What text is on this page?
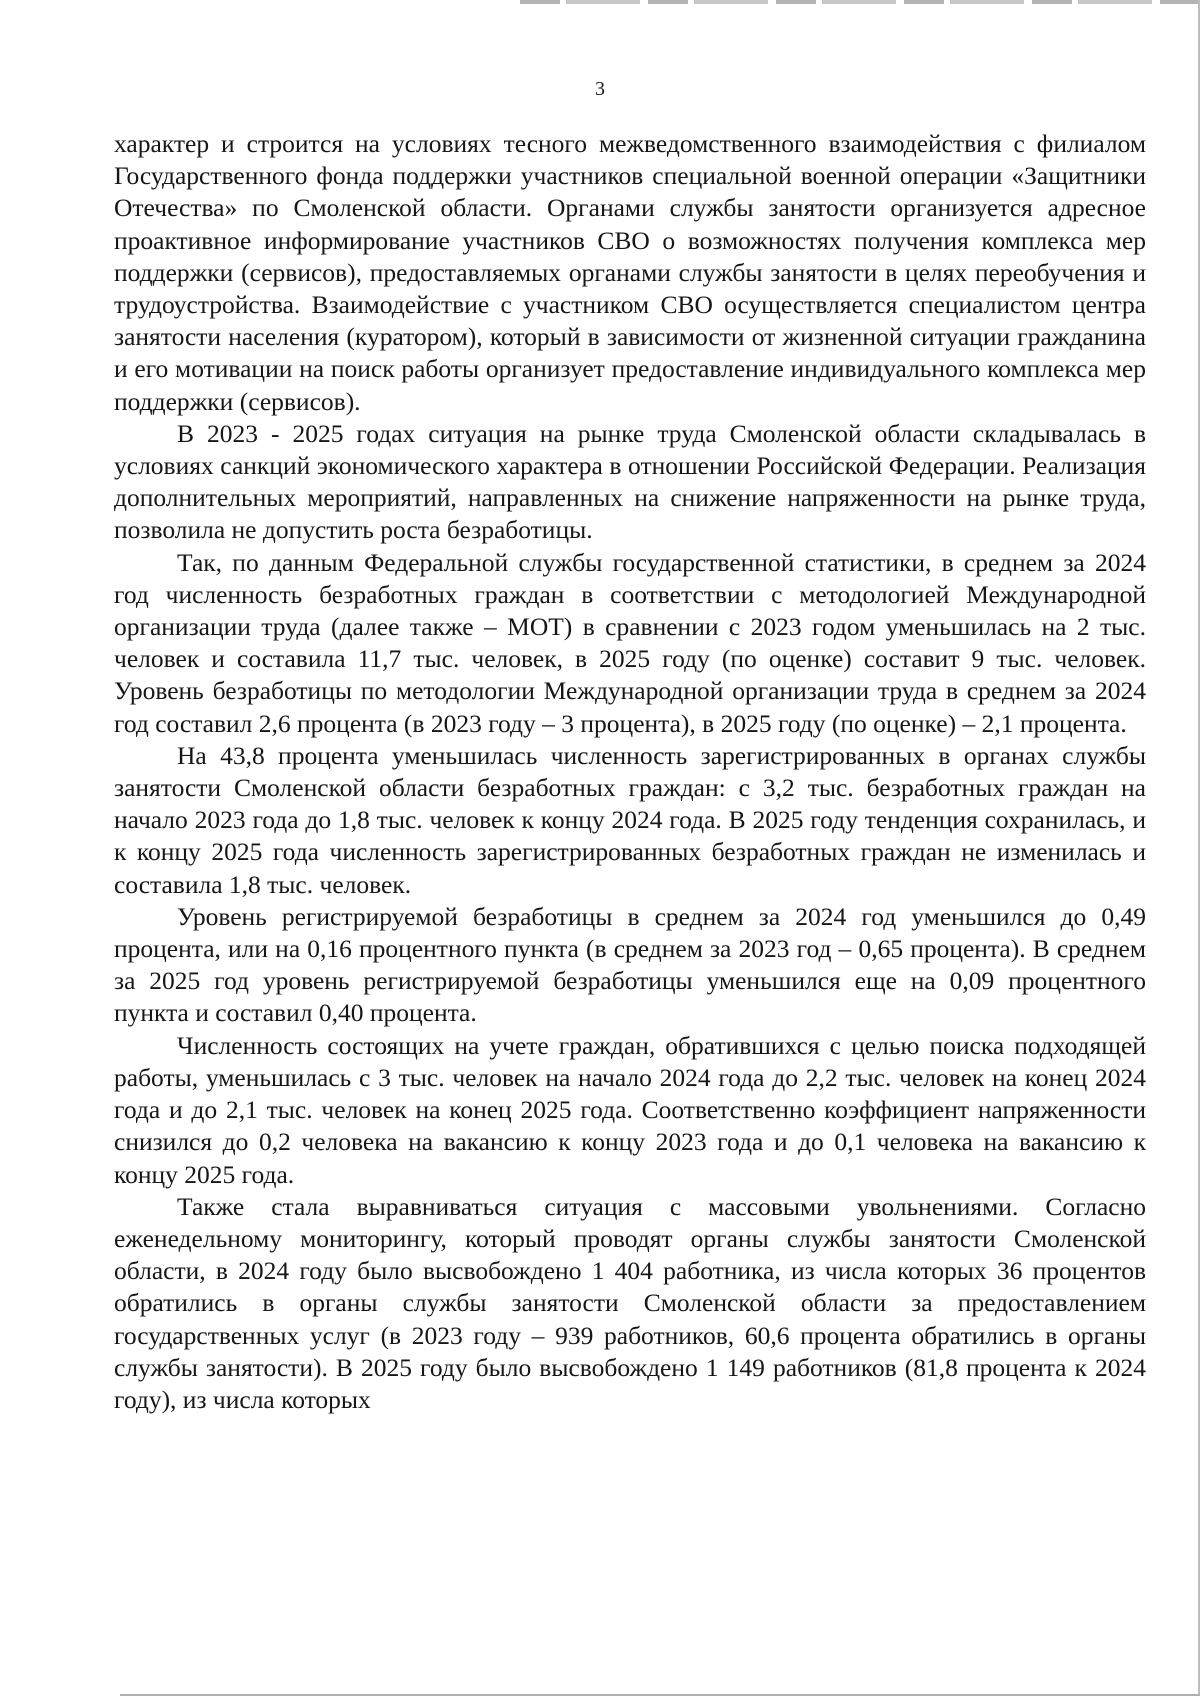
3

характер и строится на условиях тесного межведомственного взаимодействия с филиалом Государственного фонда поддержки участников специальной военной операции «Защитники Отечества» по Смоленской области. Органами службы занятости организуется адресное проактивное информирование участников СВО о возможностях получения комплекса мер поддержки (сервисов), предоставляемых органами службы занятости в целях переобучения и трудоустройства. Взаимодействие с участником СВО осуществляется специалистом центра занятости населения (куратором), который в зависимости от жизненной ситуации гражданина и его мотивации на поиск работы организует предоставление индивидуального комплекса мер поддержки (сервисов).

В 2023 - 2025 годах ситуация на рынке труда Смоленской области складывалась в условиях санкций экономического характера в отношении Российской Федерации. Реализация дополнительных мероприятий, направленных на снижение напряженности на рынке труда, позволила не допустить роста безработицы.

Так, по данным Федеральной службы государственной статистики, в среднем за 2024 год численность безработных граждан в соответствии с методологией Международной организации труда (далее также – МОТ) в сравнении с 2023 годом уменьшилась на 2 тыс. человек и составила 11,7 тыс. человек, в 2025 году (по оценке) составит 9 тыс. человек. Уровень безработицы по методологии Международной организации труда в среднем за 2024 год составил 2,6 процента (в 2023 году – 3 процента), в 2025 году (по оценке) – 2,1 процента.

На 43,8 процента уменьшилась численность зарегистрированных в органах службы занятости Смоленской области безработных граждан: с 3,2 тыс. безработных граждан на начало 2023 года до 1,8 тыс. человек к концу 2024 года. В 2025 году тенденция сохранилась, и к концу 2025 года численность зарегистрированных безработных граждан не изменилась и составила 1,8 тыс. человек.

Уровень регистрируемой безработицы в среднем за 2024 год уменьшился до 0,49 процента, или на 0,16 процентного пункта (в среднем за 2023 год – 0,65 процента). В среднем за 2025 год уровень регистрируемой безработицы уменьшился еще на 0,09 процентного пункта и составил 0,40 процента.

Численность состоящих на учете граждан, обратившихся с целью поиска подходящей работы, уменьшилась с 3 тыс. человек на начало 2024 года до 2,2 тыс. человек на конец 2024 года и до 2,1 тыс. человек на конец 2025 года. Соответственно коэффициент напряженности снизился до 0,2 человека на вакансию к концу 2023 года и до 0,1 человека на вакансию к концу 2025 года.

Также стала выравниваться ситуация с массовыми увольнениями. Согласно еженедельному мониторингу, который проводят органы службы занятости Смоленской области, в 2024 году было высвобождено 1 404 работника, из числа которых 36 процентов обратились в органы службы занятости Смоленской области за предоставлением государственных услуг (в 2023 году – 939 работников, 60,6 процента обратились в органы службы занятости). В 2025 году было высвобождено 1 149 работников (81,8 процента к 2024 году), из числа которых
